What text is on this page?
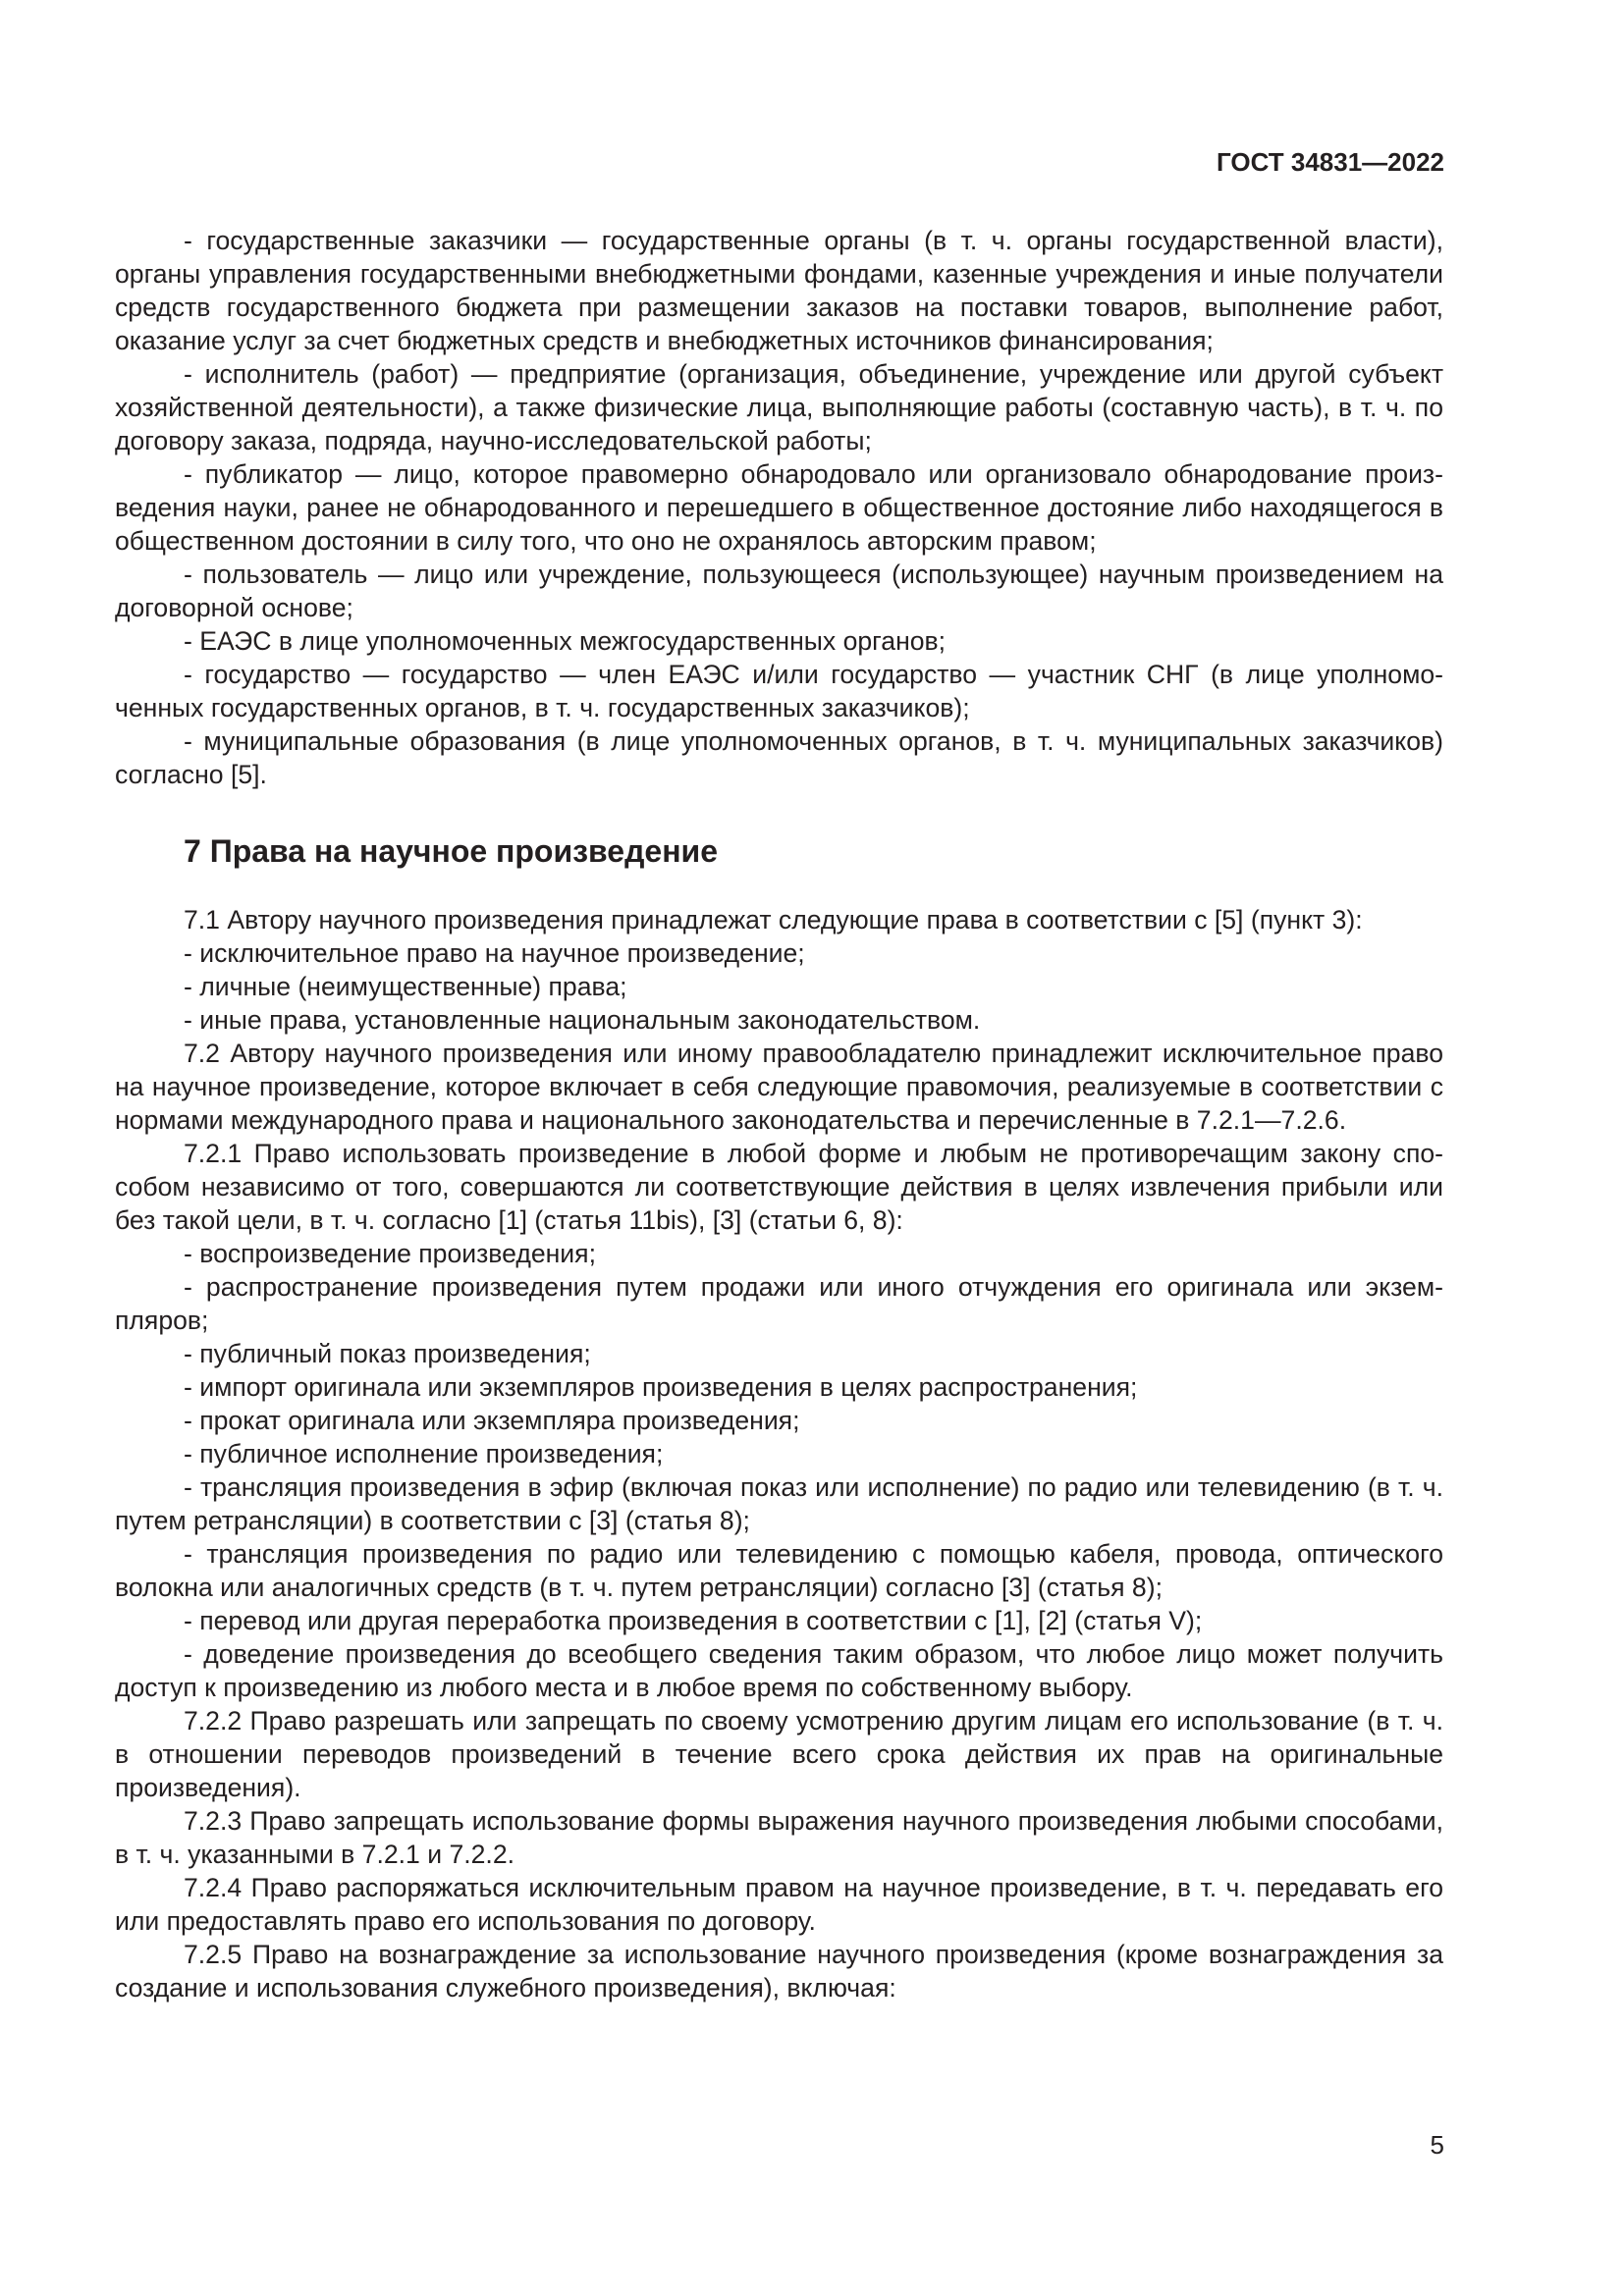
ГОСТ 34831—2022

- государственные заказчики — государственные органы (в т. ч. органы государственной власти), органы управления государственными внебюджетными фондами, казенные учреждения и иные получатели средств государственного бюджета при размещении заказов на поставки товаров, выполнение работ, оказание услуг за счет бюджетных средств и внебюджетных источников финансирования;

- исполнитель (работ) — предприятие (организация, объединение, учреждение или другой субъект хозяйственной деятельности), а также физические лица, выполняющие работы (составную часть), в т. ч. по договору заказа, подряда, научно-исследовательской работы;

- публикатор — лицо, которое правомерно обнародовало или организовало обнародование произведения науки, ранее не обнародованного и перешедшего в общественное достояние либо находящегося в общественном достоянии в силу того, что оно не охранялось авторским правом;

- пользователь — лицо или учреждение, пользующееся (использующее) научным произведением на договорной основе;

- ЕАЭС в лице уполномоченных межгосударственных органов;

- государство — государство — член ЕАЭС и/или государство — участник СНГ (в лице уполномоченных государственных органов, в т. ч. государственных заказчиков);

- муниципальные образования (в лице уполномоченных органов, в т. ч. муниципальных заказчиков) согласно [5].

7 Права на научное произведение

7.1 Автору научного произведения принадлежат следующие права в соответствии с [5] (пункт 3):

- исключительное право на научное произведение;

- личные (неимущественные) права;

- иные права, установленные национальным законодательством.

7.2 Автору научного произведения или иному правообладателю принадлежит исключительное право на научное произведение, которое включает в себя следующие правомочия, реализуемые в соответствии с нормами международного права и национального законодательства и перечисленные в 7.2.1—7.2.6.

7.2.1 Право использовать произведение в любой форме и любым не противоречащим закону способом независимо от того, совершаются ли соответствующие действия в целях извлечения прибыли или без такой цели, в т. ч. согласно [1] (статья 11bis), [3] (статьи 6, 8):

- воспроизведение произведения;

- распространение произведения путем продажи или иного отчуждения его оригинала или экземпляров;

- публичный показ произведения;

- импорт оригинала или экземпляров произведения в целях распространения;

- прокат оригинала или экземпляра произведения;

- публичное исполнение произведения;

- трансляция произведения в эфир (включая показ или исполнение) по радио или телевидению (в т. ч. путем ретрансляции) в соответствии с [3] (статья 8);

- трансляция произведения по радио или телевидению с помощью кабеля, провода, оптического волокна или аналогичных средств (в т. ч. путем ретрансляции) согласно [3] (статья 8);

- перевод или другая переработка произведения в соответствии с [1], [2] (статья V);

- доведение произведения до всеобщего сведения таким образом, что любое лицо может получить доступ к произведению из любого места и в любое время по собственному выбору.

7.2.2 Право разрешать или запрещать по своему усмотрению другим лицам его использование (в т. ч. в отношении переводов произведений в течение всего срока действия их прав на оригинальные произведения).

7.2.3 Право запрещать использование формы выражения научного произведения любыми способами, в т. ч. указанными в 7.2.1 и 7.2.2.

7.2.4 Право распоряжаться исключительным правом на научное произведение, в т. ч. передавать его или предоставлять право его использования по договору.

7.2.5 Право на вознаграждение за использование научного произведения (кроме вознаграждения за создание и использования служебного произведения), включая:

5
